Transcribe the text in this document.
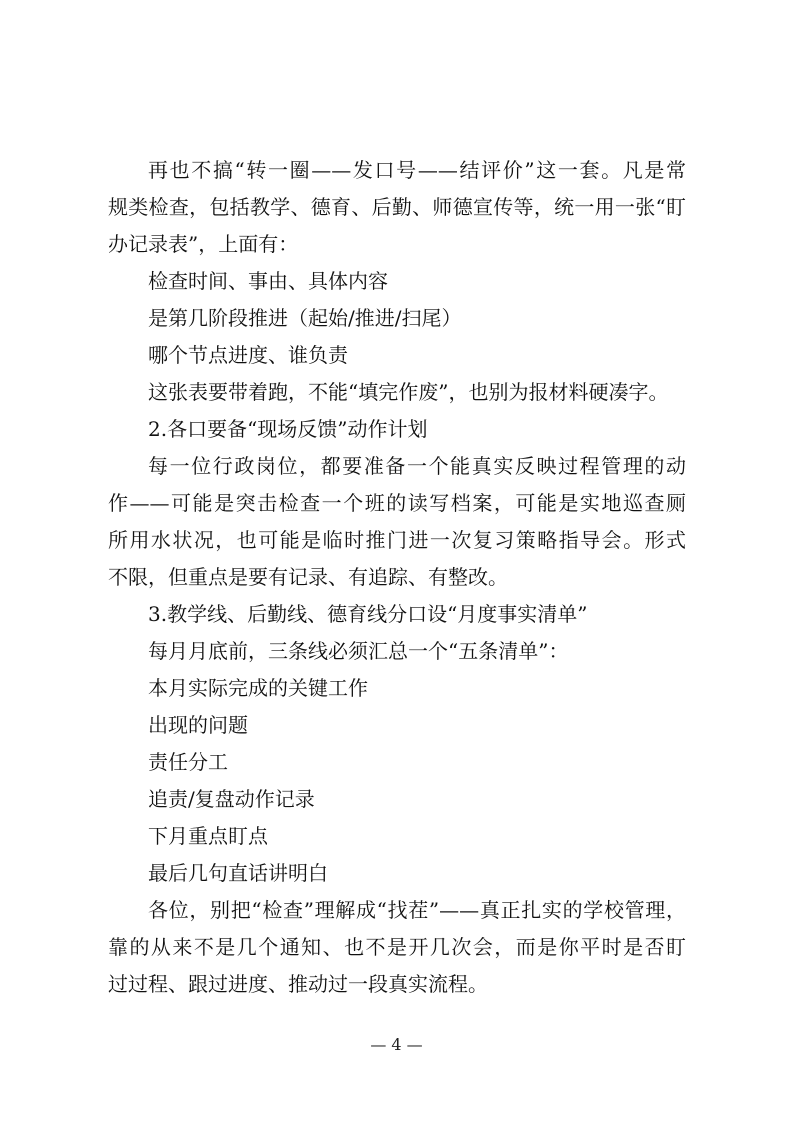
再也不搞“转一圈——发口号——结评价”这一套。凡是常
规类检查，包括教学、德育、后勤、师德宣传等，统一用一张“盯
办记录表”，上面有：
检查时间、事由、具体内容
是第几阶段推进（起始/推进/扫尾）
哪个节点进度、谁负责
这张表要带着跑，不能“填完作废”，也别为报材料硬凑字。
2.各口要备“现场反馈”动作计划
每一位行政岗位，都要准备一个能真实反映过程管理的动
作——可能是突击检查一个班的读写档案，可能是实地巡查厕
所用水状况，也可能是临时推门进一次复习策略指导会。形式
不限，但重点是要有记录、有追踪、有整改。
3.教学线、后勤线、德育线分口设“月度事实清单”
每月月底前，三条线必须汇总一个“五条清单”：
本月实际完成的关键工作
出现的问题
责任分工
追责/复盘动作记录
下月重点盯点
最后几句直话讲明白
各位，别把“检查”理解成“找茬”——真正扎实的学校管理，
靠的从来不是几个通知、也不是开几次会，而是你平时是否盯
过过程、跟过进度、推动过一段真实流程。
— 4 —
